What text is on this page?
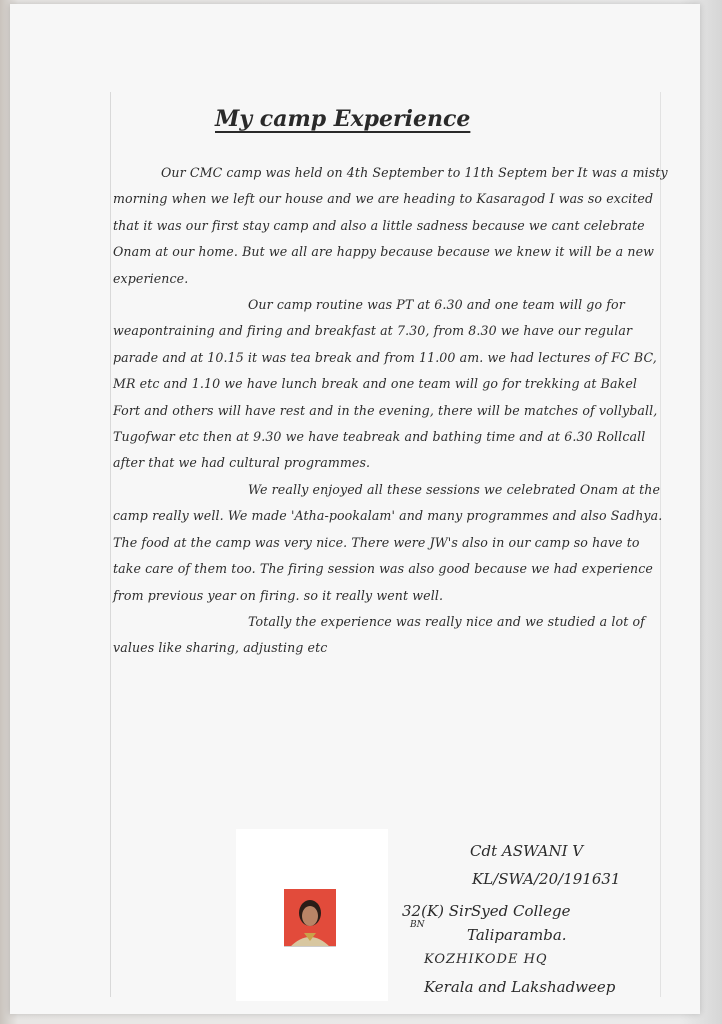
My camp Experience

Our CMC camp was held on 4th September to 11th Septem ber It was a misty morning when we left our house and we are heading to Kasaragod I was so excited that it was our first stay camp and also a little sadness because we cant celebrate Onam at our home. But we all are happy because because we knew it will be a new experience.

Our camp routine was PT at 6.30 and one team will go for weapontraining and firing and breakfast at 7.30, from 8.30 we have our regular parade and at 10.15 it was tea break and from 11.00 am. we had lectures of FC BC, MR etc and 1.10 we have lunch break and one team will go for trekking at Bakel Fort and others will have rest and in the evening, there will be matches of vollyball, Tugofwar etc then at 9.30 we have teabreak and bathing time and at 6.30 Rollcall after that we had cultural programmes.

We really enjoyed all these sessions we celebrated Onam at the camp really well. We made 'Atha-pookalam' and many programmes and also Sadhya. The food at the camp was very nice. There were JW's also in our camp so have to take care of them too. The firing session was also good because we had experience from previous year on firing. so it really went well.

Totally the experience was really nice and we studied a lot of values like sharing, adjusting etc

Cdt ASWANI V
KL/SWA/20/191631
32(K) SirSyed College
BN
Taliparamba.
KOZHIKODE HQ
Kerala and Lakshadweep
